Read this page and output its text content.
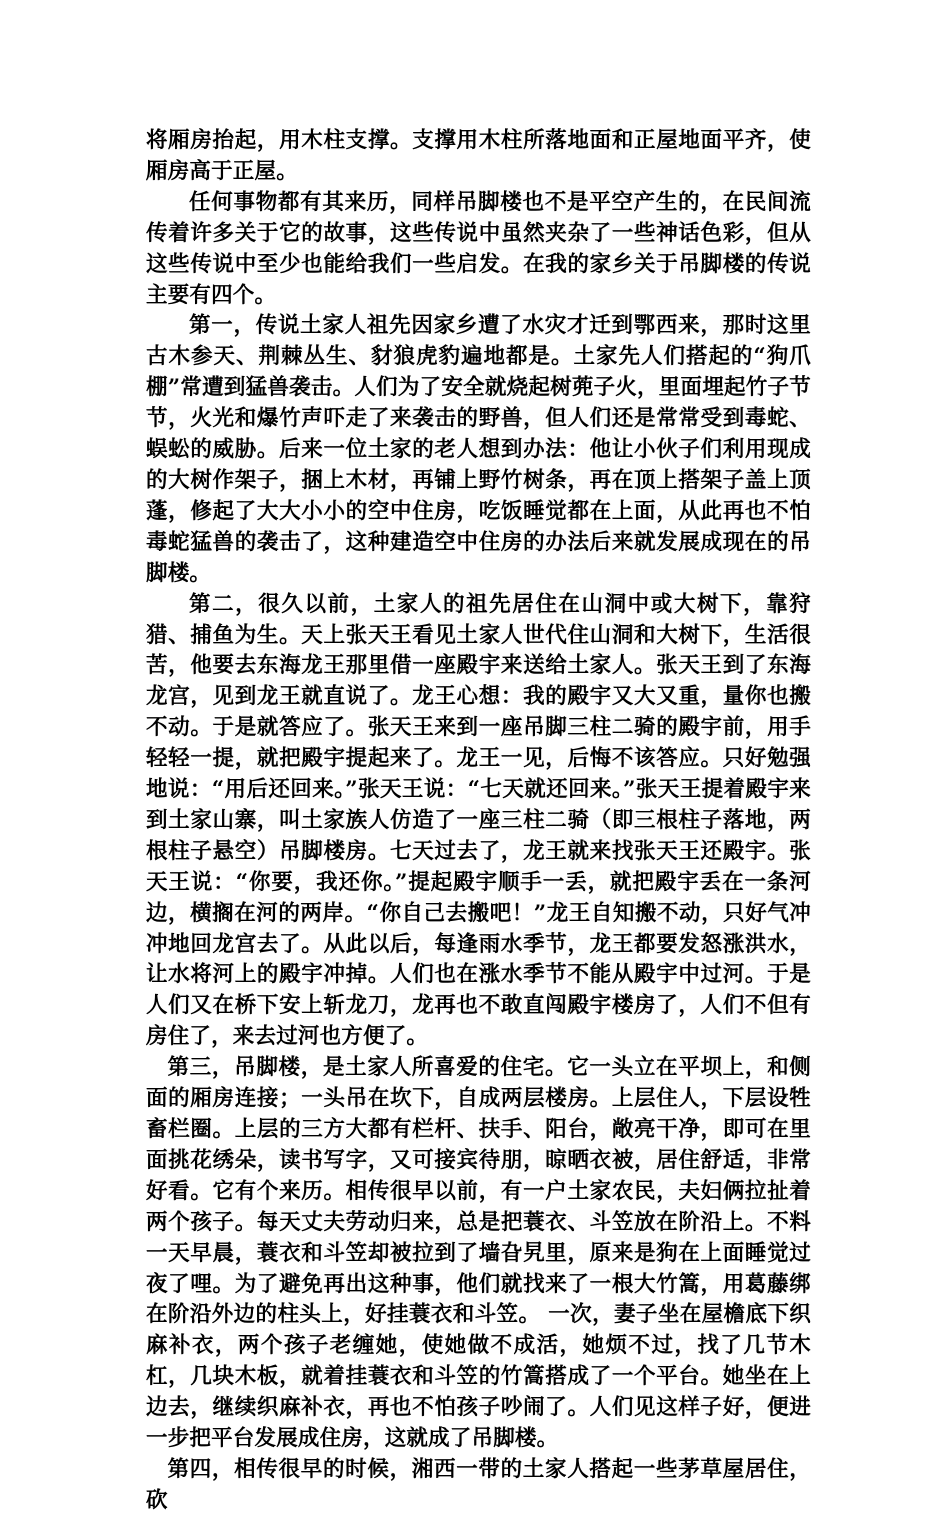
将厢房抬起，用木柱支撑。支撑用木柱所落地面和正屋地面平齐，使厢房高于正屋。

任何事物都有其来历，同样吊脚楼也不是平空产生的，在民间流传着许多关于它的故事，这些传说中虽然夹杂了一些神话色彩，但从这些传说中至少也能给我们一些启发。在我的家乡关于吊脚楼的传说主要有四个。

第一，传说土家人祖先因家乡遭了水灾才迁到鄂西来，那时这里古木参天、荆棘丛生、豺狼虎豹遍地都是。土家先人们搭起的“狗爪棚”常遭到猛兽袭击。人们为了安全就烧起树蔸子火，里面埋起竹子节节，火光和爆竹声吓走了来袭击的野兽，但人们还是常常受到毒蛇、蜈蚣的威胁。后来一位土家的老人想到办法：他让小伙子们利用现成的大树作架子，捆上木材，再铺上野竹树条，再在顶上搭架子盖上顶蓬，修起了大大小小的空中住房，吃饭睡觉都在上面，从此再也不怕毒蛇猛兽的袭击了，这种建造空中住房的办法后来就发展成现在的吊脚楼。

第二，很久以前，土家人的祖先居住在山洞中或大树下，靠狩猎、捕鱼为生。天上张天王看见土家人世代住山洞和大树下，生活很苦，他要去东海龙王那里借一座殿宇来送给土家人。张天王到了东海龙宫，见到龙王就直说了。龙王心想：我的殿宇又大又重，量你也搬不动。于是就答应了。张天王来到一座吊脚三柱二骑的殿宇前，用手轻轻一提，就把殿宇提起来了。龙王一见，后悔不该答应。只好勉强地说：“用后还回来。”张天王说：“七天就还回来。”张天王提着殿宇来到土家山寨，叫土家族人仿造了一座三柱二骑（即三根柱子落地，两根柱子悬空）吊脚楼房。七天过去了，龙王就来找张天王还殿宇。张天王说：“你要，我还你。”提起殿宇顺手一丢，就把殿宇丢在一条河边，横搁在河的两岸。“你自己去搬吧！”龙王自知搬不动，只好气冲冲地回龙宫去了。从此以后，每逢雨水季节，龙王都要发怒涨洪水，让水将河上的殿宇冲掉。人们也在涨水季节不能从殿宇中过河。于是人们又在桥下安上斩龙刀，龙再也不敢直闯殿宇楼房了，人们不但有房住了，来去过河也方便了。

第三，吊脚楼，是土家人所喜爱的住宅。它一头立在平坝上，和侧面的厢房连接；一头吊在坎下，自成两层楼房。上层住人，下层设牲畜栏圈。上层的三方大都有栏杆、扶手、阳台，敞亮干净，即可在里面挑花绣朵，读书写字，又可接宾待朋，晾晒衣被，居住舒适，非常好看。它有个来历。相传很早以前，有一户土家农民，夫妇俩拉扯着两个孩子。每天丈夫劳动归来，总是把蓑衣、斗笠放在阶沿上。不料一天早晨，蓑衣和斗笠却被拉到了墙旮旯里，原来是狗在上面睡觉过夜了哩。为了避免再出这种事，他们就找来了一根大竹篙，用葛藤绑在阶沿外边的柱头上，好挂蓑衣和斗笠。 一次，妻子坐在屋檐底下织麻补衣，两个孩子老缠她，使她做不成活，她烦不过，找了几节木杠，几块木板，就着挂蓑衣和斗笠的竹篙搭成了一个平台。她坐在上边去，继续织麻补衣，再也不怕孩子吵闹了。人们见这样子好，便进一步把平台发展成住房，这就成了吊脚楼。

第四，相传很早的时候，湘西一带的土家人搭起一些茅草屋居住，砍
